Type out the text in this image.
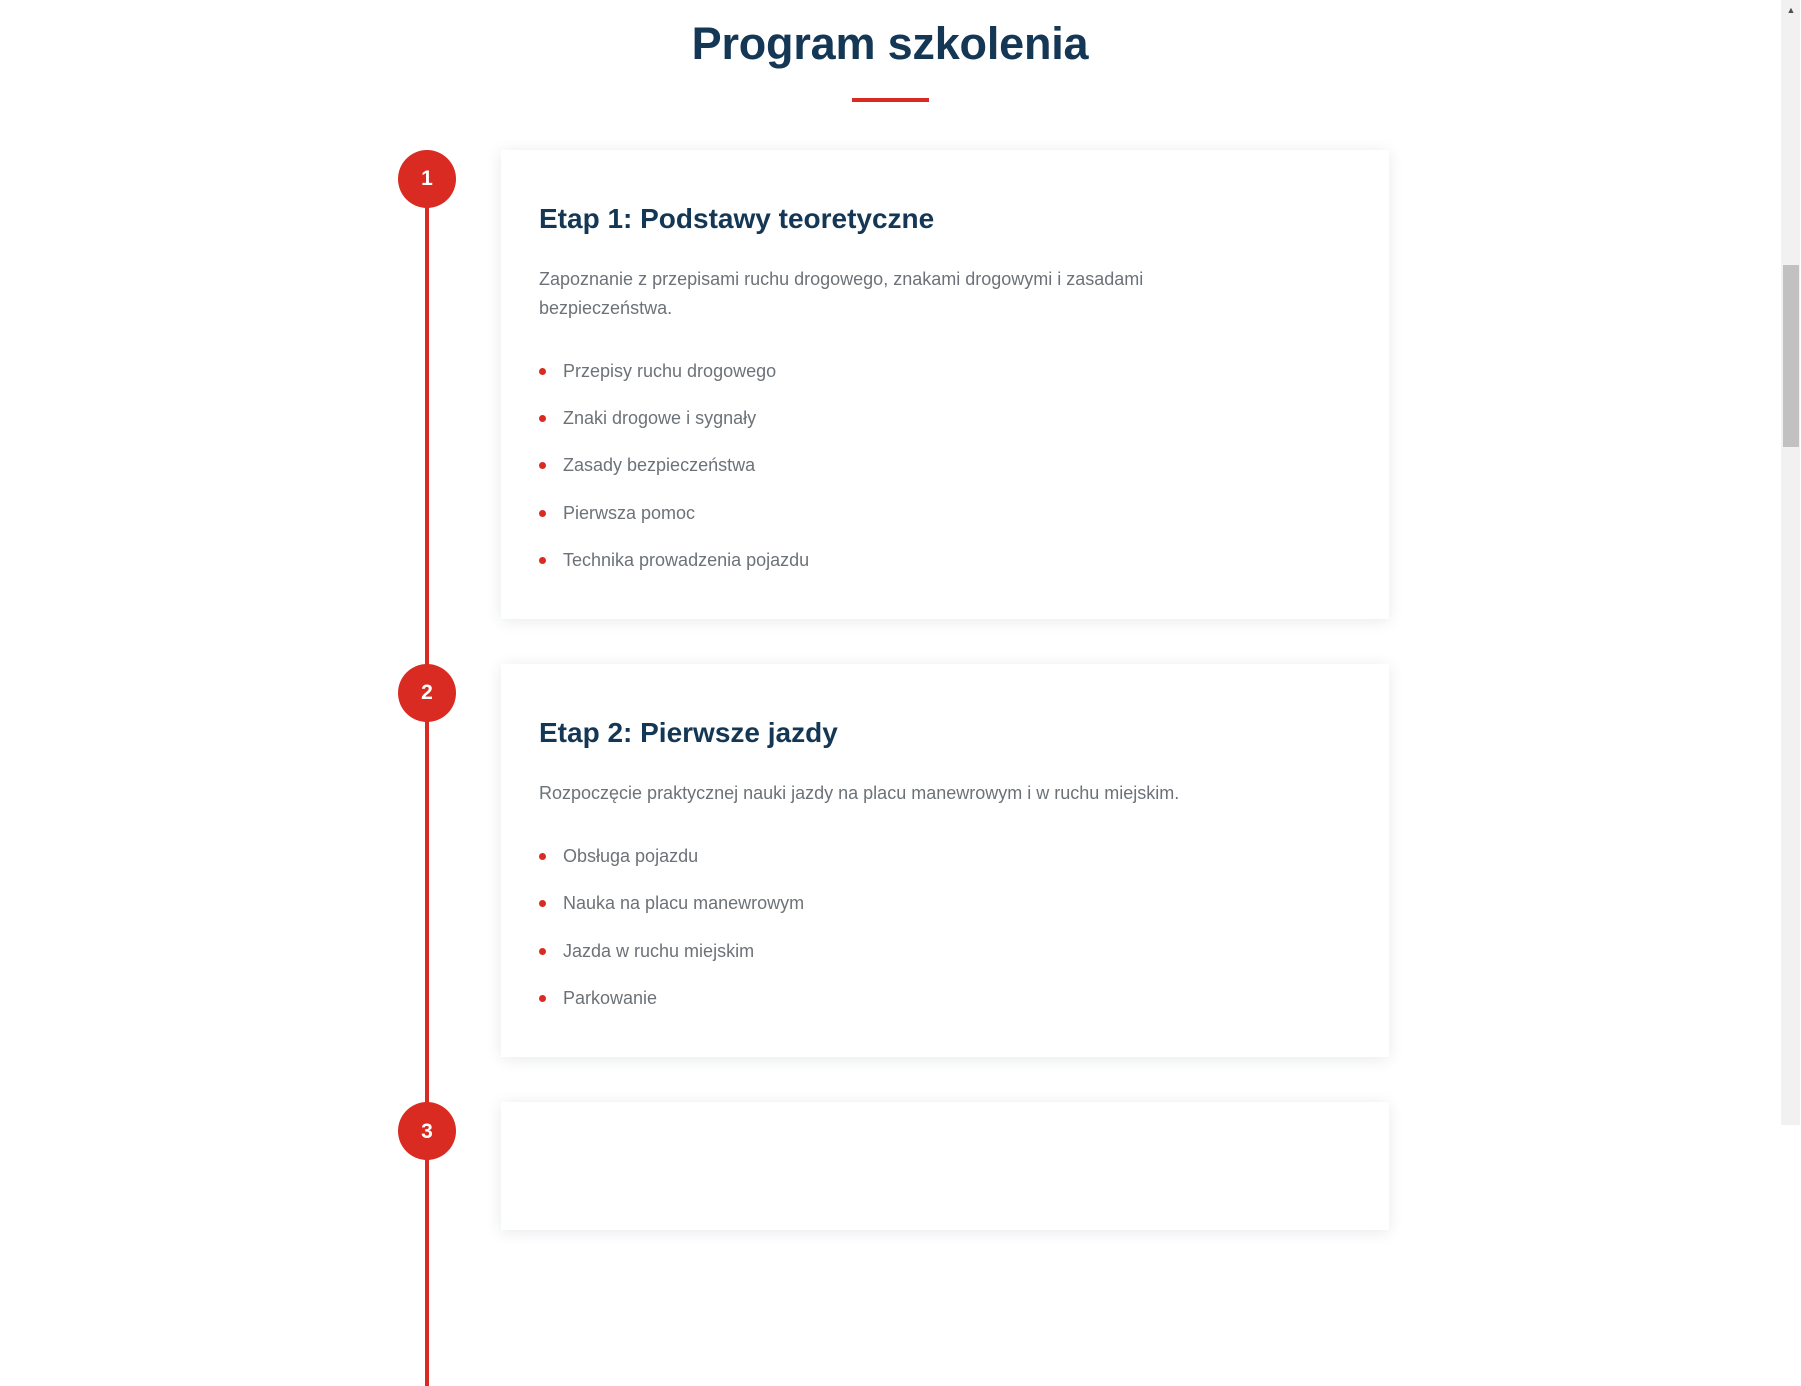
Program szkolenia
1
Etap 1: Podstawy teoretyczne

Zapoznanie z przepisami ruchu drogowego, znakami drogowymi i zasadami bezpieczeństwa.

Przepisy ruchu drogowego
Znaki drogowe i sygnały
Zasady bezpieczeństwa
Pierwsza pomoc
Technika prowadzenia pojazdu
2
Etap 2: Pierwsze jazdy

Rozpoczęcie praktycznej nauki jazdy na placu manewrowym i w ruchu miejskim.

Obsługa pojazdu
Nauka na placu manewrowym
Jazda w ruchu miejskim
Parkowanie
3
▲
